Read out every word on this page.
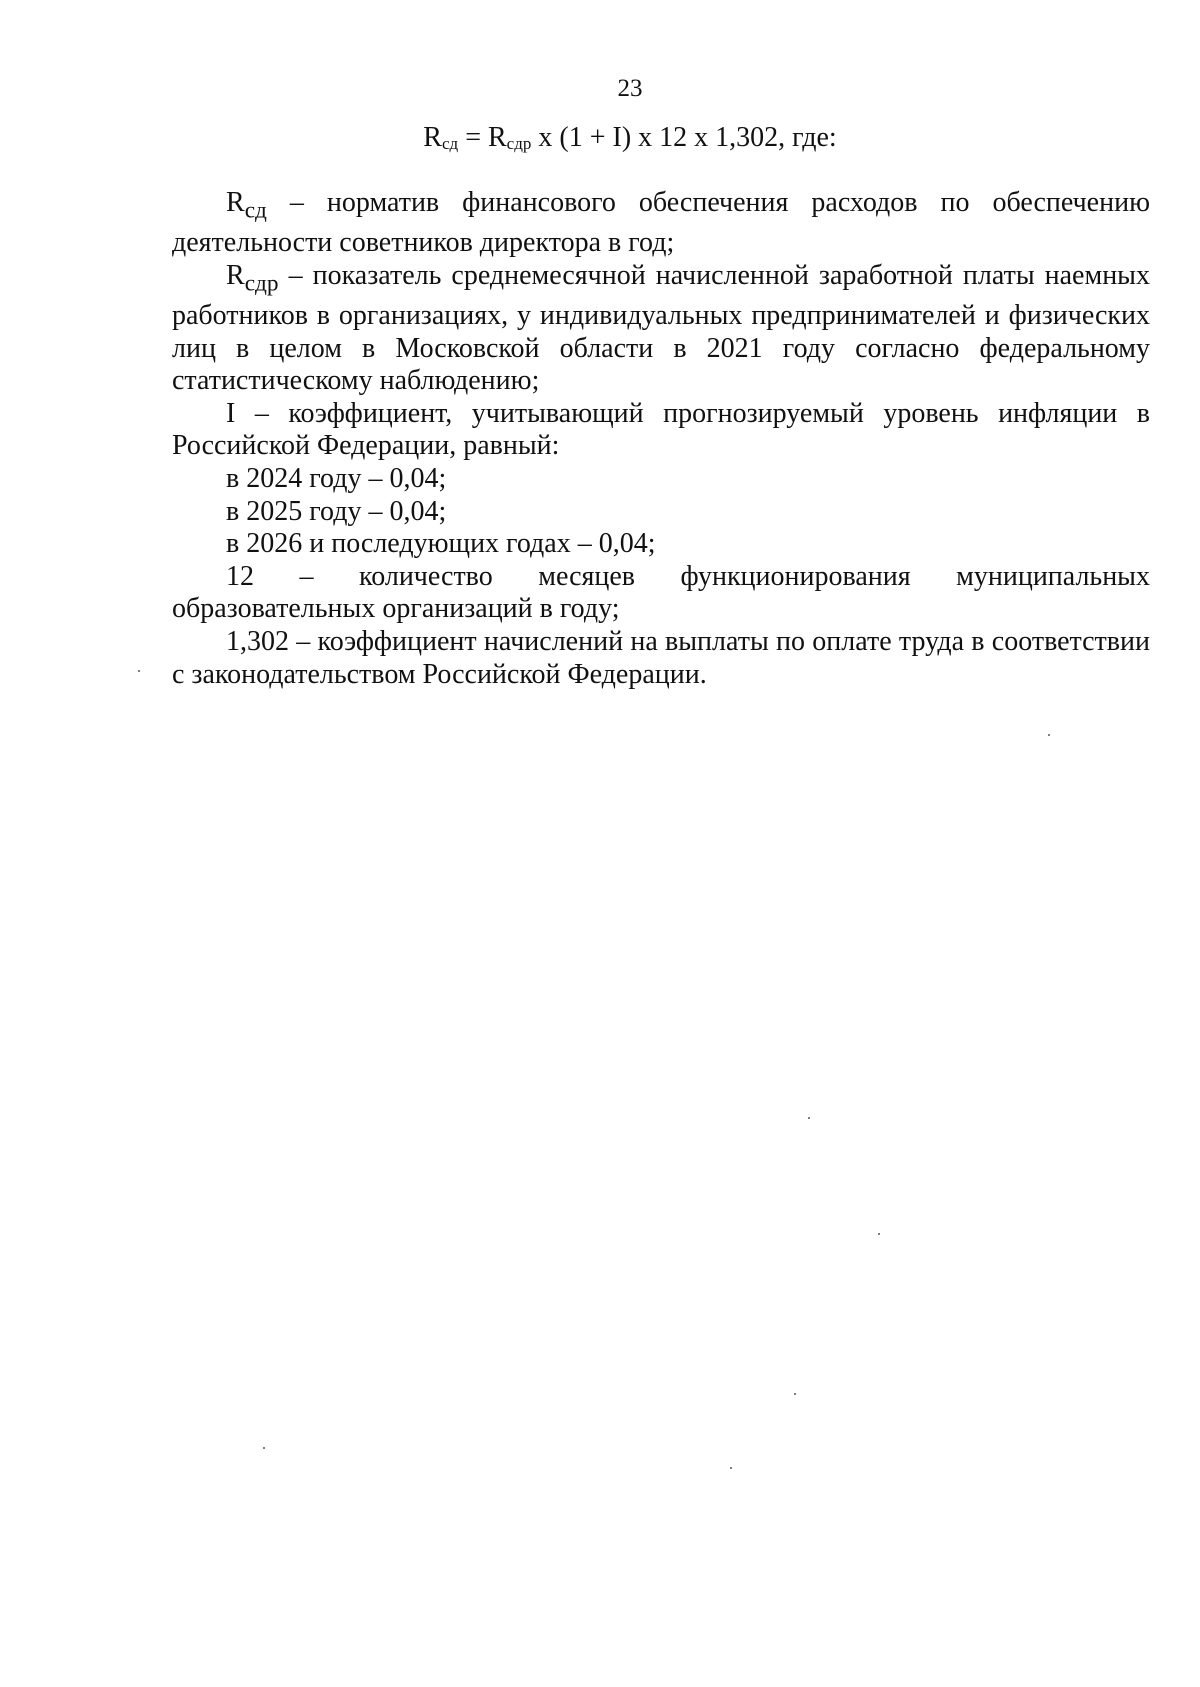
23
$R_{сд} = R_{сдр}$ x (1 + I) x 12 x 1,302, где:

$R_{сд}$ – норматив финансового обеспечения расходов по обеспечению деятельности советников директора в год;

$R_{сдр}$ – показатель среднемесячной начисленной заработной платы наемных работников в организациях, у индивидуальных предпринимателей и физических лиц в целом в Московской области в 2021 году согласно федеральному статистическому наблюдению;

I – коэффициент, учитывающий прогнозируемый уровень инфляции в Российской Федерации, равный:

в 2024 году – 0,04;

в 2025 году – 0,04;

в 2026 и последующих годах – 0,04;

12 – количество месяцев функционирования муниципальных образовательных организаций в году;

1,302 – коэффициент начислений на выплаты по оплате труда в соответствии с законодательством Российской Федерации.
